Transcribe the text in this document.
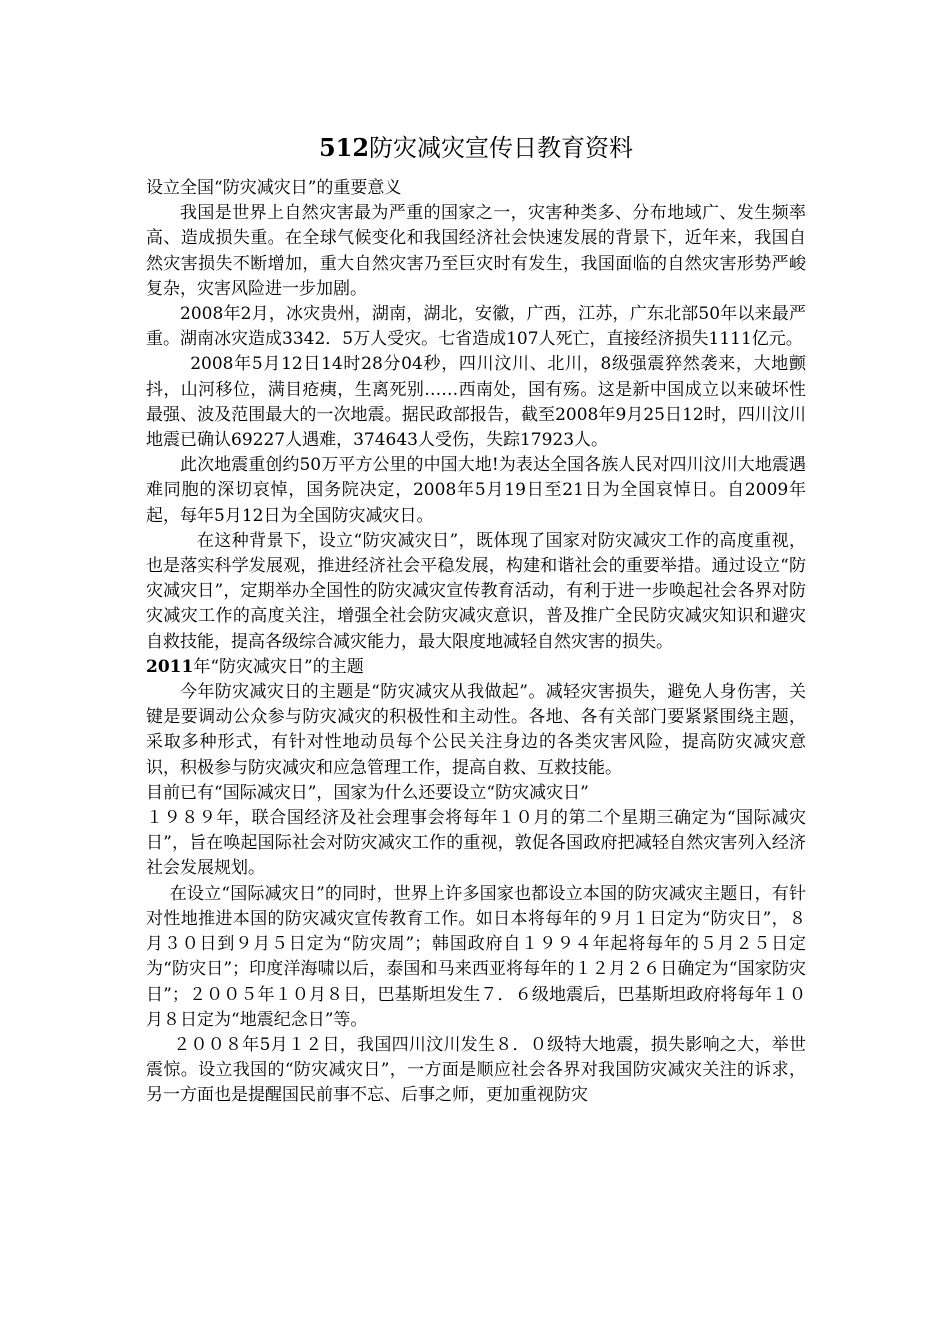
512防灾减灾宣传日教育资料

设立全国“防灾减灾日”的重要意义

我国是世界上自然灾害最为严重的国家之一，灾害种类多、分布地域广、发生频率高、造成损失重。在全球气候变化和我国经济社会快速发展的背景下，近年来，我国自然灾害损失不断增加，重大自然灾害乃至巨灾时有发生，我国面临的自然灾害形势严峻复杂，灾害风险进一步加剧。

2008年2月，冰灾贵州，湖南，湖北，安徽，广西，江苏，广东北部50年以来最严重。湖南冰灾造成3342．5万人受灾。七省造成107人死亡，直接经济损失1111亿元。

2008年5月12日14时28分04秒，四川汶川、北川，8级强震猝然袭来，大地颤抖，山河移位，满目疮痍，生离死别……西南处，国有殇。这是新中国成立以来破坏性最强、波及范围最大的一次地震。据民政部报告，截至2008年9月25日12时，四川汶川地震已确认69227人遇难，374643人受伤，失踪17923人。

此次地震重创约50万平方公里的中国大地!为表达全国各族人民对四川汶川大地震遇难同胞的深切哀悼，国务院决定，2008年5月19日至21日为全国哀悼日。自2009年起，每年5月12日为全国防灾减灾日。

在这种背景下，设立“防灾减灾日”，既体现了国家对防灾减灾工作的高度重视，也是落实科学发展观，推进经济社会平稳发展，构建和谐社会的重要举措。通过设立“防灾减灾日”，定期举办全国性的防灾减灾宣传教育活动，有利于进一步唤起社会各界对防灾减灾工作的高度关注，增强全社会防灾减灾意识，普及推广全民防灾减灾知识和避灾自救技能，提高各级综合减灾能力，最大限度地减轻自然灾害的损失。

2011年“防灾减灾日”的主题

今年防灾减灾日的主题是“防灾减灾从我做起”。减轻灾害损失，避免人身伤害，关键是要调动公众参与防灾减灾的积极性和主动性。各地、各有关部门要紧紧围绕主题，采取多种形式，有针对性地动员每个公民关注身边的各类灾害风险，提高防灾减灾意识，积极参与防灾减灾和应急管理工作，提高自救、互救技能。

目前已有“国际减灾日”，国家为什么还要设立“防灾减灾日”

１９８９年，联合国经济及社会理事会将每年１０月的第二个星期三确定为“国际减灾日”，旨在唤起国际社会对防灾减灾工作的重视，敦促各国政府把减轻自然灾害列入经济社会发展规划。

在设立“国际减灾日”的同时，世界上许多国家也都设立本国的防灾减灾主题日，有针对性地推进本国的防灾减灾宣传教育工作。如日本将每年的９月１日定为“防灾日”，８月３０日到９月５日定为“防灾周”；韩国政府自１９９４年起将每年的５月２５日定为“防灾日”；印度洋海啸以后，泰国和马来西亚将每年的１２月２６日确定为“国家防灾日”；２００５年１０月８日，巴基斯坦发生７．６级地震后，巴基斯坦政府将每年１０月８日定为“地震纪念日”等。

２００８年5月１２日，我国四川汶川发生８．０级特大地震，损失影响之大，举世震惊。设立我国的“防灾减灾日”，一方面是顺应社会各界对我国防灾减灾关注的诉求，另一方面也是提醒国民前事不忘、后事之师，更加重视防灾
